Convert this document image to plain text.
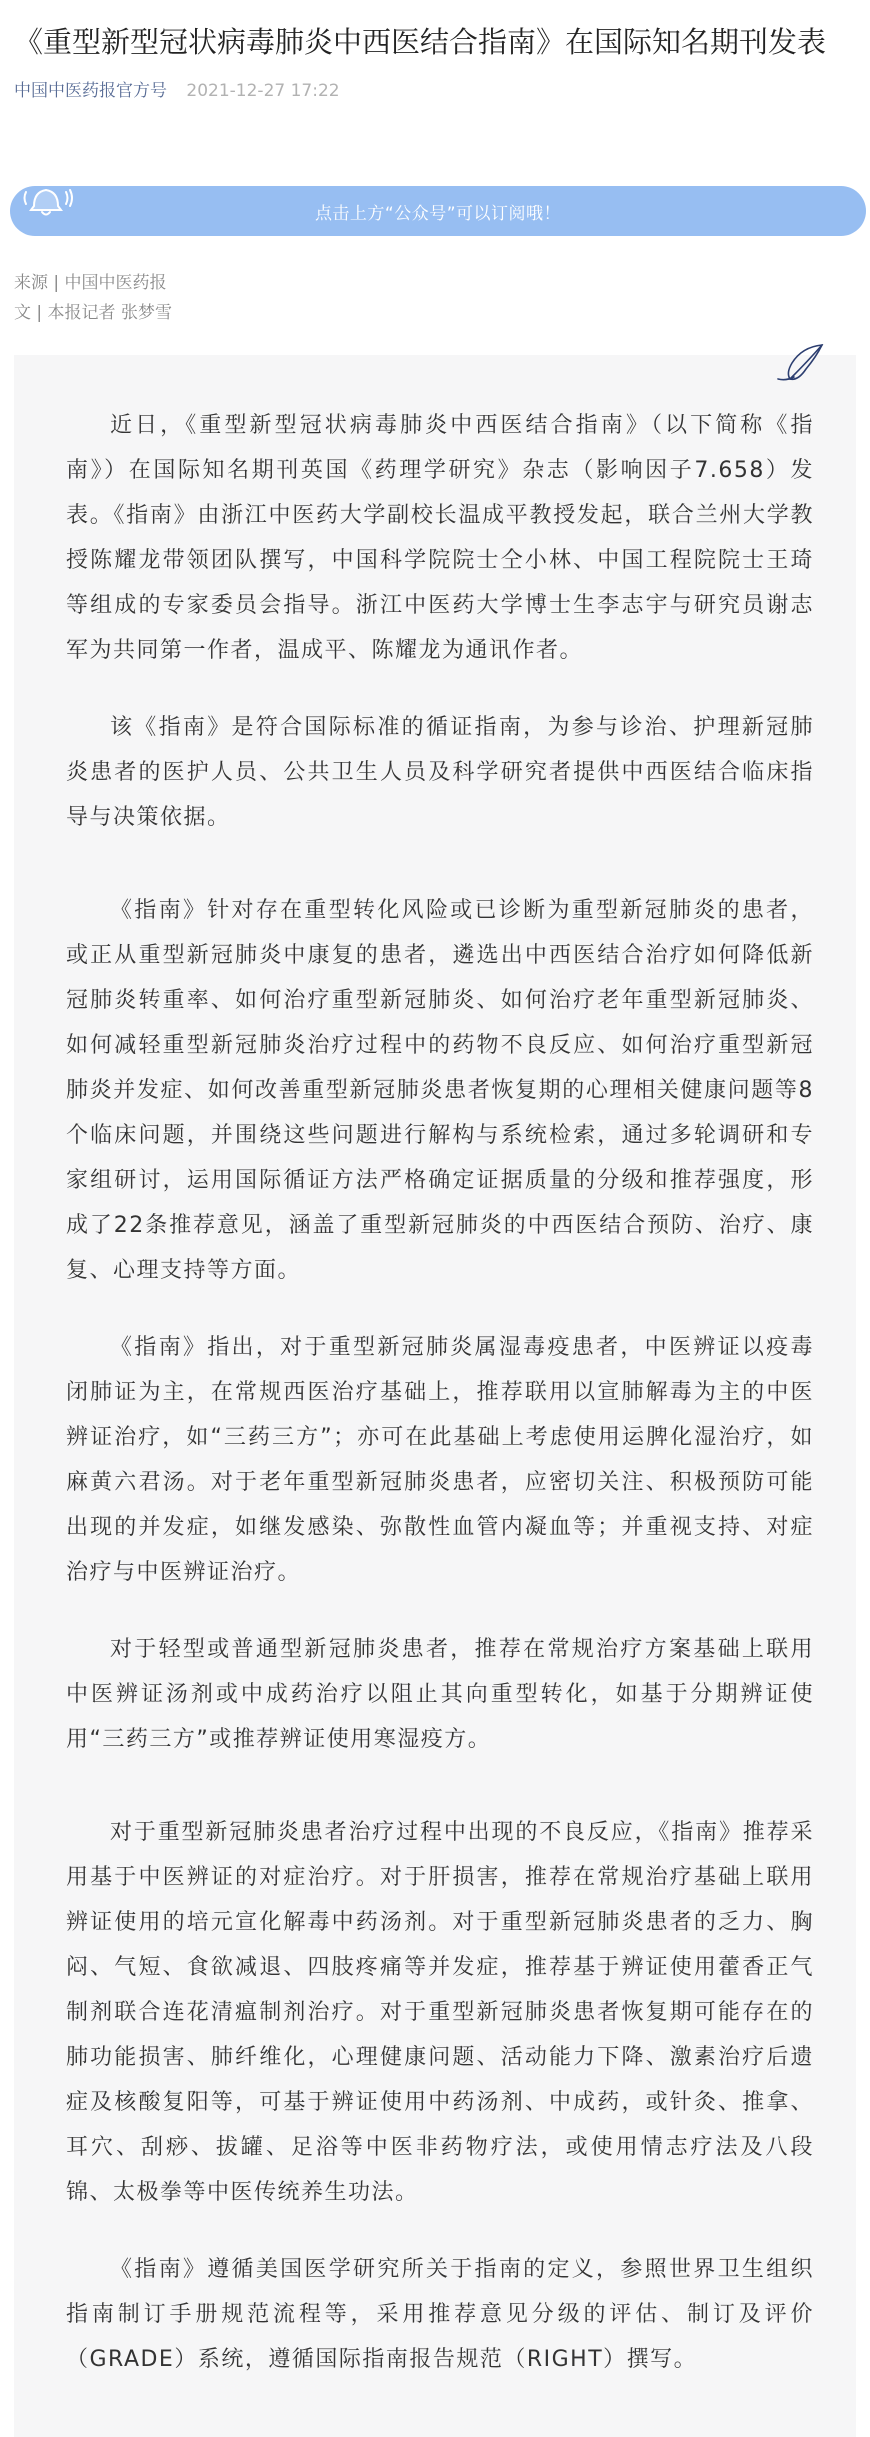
《重型新型冠状病毒肺炎中西医结合指南》在国际知名期刊发表
中国中医药报官方号 2021-12-27 17:22
点击上方“公众号”可以订阅哦！
来源 | 中国中医药报
文 | 本报记者 张梦雪

近日，《重型新型冠状病毒肺炎中西医结合指南》（以下简称《指南》）在国际知名期刊英国《药理学研究》杂志（影响因子7.658）发表。《指南》由浙江中医药大学副校长温成平教授发起，联合兰州大学教授陈耀龙带领团队撰写，中国科学院院士仝小林、中国工程院院士王琦等组成的专家委员会指导。浙江中医药大学博士生李志宇与研究员谢志军为共同第一作者，温成平、陈耀龙为通讯作者。

该《指南》是符合国际标准的循证指南，为参与诊治、护理新冠肺炎患者的医护人员、公共卫生人员及科学研究者提供中西医结合临床指导与决策依据。

《指南》针对存在重型转化风险或已诊断为重型新冠肺炎的患者，或正从重型新冠肺炎中康复的患者，遴选出中西医结合治疗如何降低新冠肺炎转重率、如何治疗重型新冠肺炎、如何治疗老年重型新冠肺炎、如何减轻重型新冠肺炎治疗过程中的药物不良反应、如何治疗重型新冠肺炎并发症、如何改善重型新冠肺炎患者恢复期的心理相关健康问题等8个临床问题，并围绕这些问题进行解构与系统检索，通过多轮调研和专家组研讨，运用国际循证方法严格确定证据质量的分级和推荐强度，形成了22条推荐意见，涵盖了重型新冠肺炎的中西医结合预防、治疗、康复、心理支持等方面。

《指南》指出，对于重型新冠肺炎属湿毒疫患者，中医辨证以疫毒闭肺证为主，在常规西医治疗基础上，推荐联用以宣肺解毒为主的中医辨证治疗，如“三药三方”；亦可在此基础上考虑使用运脾化湿治疗，如麻黄六君汤。对于老年重型新冠肺炎患者，应密切关注、积极预防可能出现的并发症，如继发感染、弥散性血管内凝血等；并重视支持、对症治疗与中医辨证治疗。

对于轻型或普通型新冠肺炎患者，推荐在常规治疗方案基础上联用中医辨证汤剂或中成药治疗以阻止其向重型转化，如基于分期辨证使用“三药三方”或推荐辨证使用寒湿疫方。

对于重型新冠肺炎患者治疗过程中出现的不良反应，《指南》推荐采用基于中医辨证的对症治疗。对于肝损害，推荐在常规治疗基础上联用辨证使用的培元宣化解毒中药汤剂。对于重型新冠肺炎患者的乏力、胸闷、气短、食欲减退、四肢疼痛等并发症，推荐基于辨证使用藿香正气制剂联合连花清瘟制剂治疗。对于重型新冠肺炎患者恢复期可能存在的肺功能损害、肺纤维化，心理健康问题、活动能力下降、激素治疗后遗症及核酸复阳等，可基于辨证使用中药汤剂、中成药，或针灸、推拿、耳穴、刮痧、拔罐、足浴等中医非药物疗法，或使用情志疗法及八段锦、太极拳等中医传统养生功法。

《指南》遵循美国医学研究所关于指南的定义，参照世界卫生组织指南制订手册规范流程等，采用推荐意见分级的评估、制订及评价（GRADE）系统，遵循国际指南报告规范（RIGHT）撰写。
